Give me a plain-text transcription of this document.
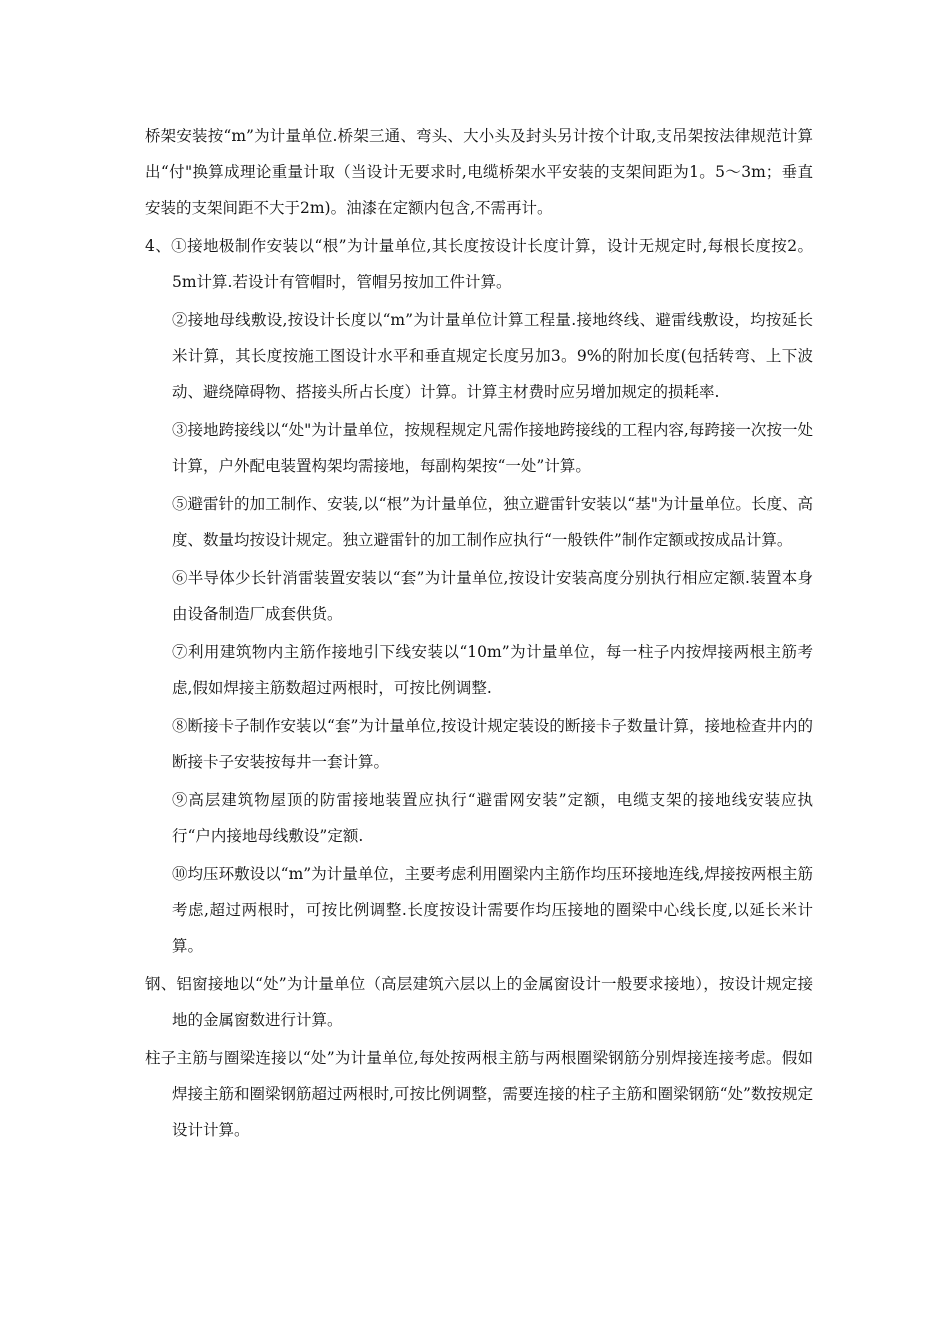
桥架安装按“m”为计量单位.桥架三通、弯头、大小头及封头另计按个计取,支吊架按法律规范计算出“付"换算成理论重量计取（当设计无要求时,电缆桥架水平安装的支架间距为1。5～3m；垂直安装的支架间距不大于2m)。油漆在定额内包含,不需再计。

4、①接地极制作安装以“根”为计量单位,其长度按设计长度计算，设计无规定时,每根长度按2。5m计算.若设计有管帽时，管帽另按加工件计算。

②接地母线敷设,按设计长度以“m”为计量单位计算工程量.接地终线、避雷线敷设，均按延长米计算，其长度按施工图设计水平和垂直规定长度另加3。9%的附加长度(包括转弯、上下波动、避绕障碍物、搭接头所占长度）计算。计算主材费时应另增加规定的损耗率.

③接地跨接线以“处"为计量单位，按规程规定凡需作接地跨接线的工程内容,每跨接一次按一处计算，户外配电装置构架均需接地，每副构架按“一处”计算。

⑤避雷针的加工制作、安装,以“根”为计量单位，独立避雷针安装以“基"为计量单位。长度、高度、数量均按设计规定。独立避雷针的加工制作应执行“一般铁件”制作定额或按成品计算。

⑥半导体少长针消雷装置安装以“套”为计量单位,按设计安装高度分别执行相应定额.装置本身由设备制造厂成套供货。

⑦利用建筑物内主筋作接地引下线安装以“10m”为计量单位，每一柱子内按焊接两根主筋考虑,假如焊接主筋数超过两根时，可按比例调整.

⑧断接卡子制作安装以“套”为计量单位,按设计规定装设的断接卡子数量计算，接地检查井内的断接卡子安装按每井一套计算。

⑨高层建筑物屋顶的防雷接地装置应执行“避雷网安装”定额，电缆支架的接地线安装应执行“户内接地母线敷设”定额.

⑩均压环敷设以“m”为计量单位，主要考虑利用圈梁内主筋作均压环接地连线,焊接按两根主筋考虑,超过两根时，可按比例调整.长度按设计需要作均压接地的圈梁中心线长度,以延长米计算。

钢、铝窗接地以“处”为计量单位（高层建筑六层以上的金属窗设计一般要求接地），按设计规定接地的金属窗数进行计算。

柱子主筋与圈梁连接以“处”为计量单位,每处按两根主筋与两根圈梁钢筋分别焊接连接考虑。假如焊接主筋和圈梁钢筋超过两根时,可按比例调整，需要连接的柱子主筋和圈梁钢筋“处”数按规定设计计算。
